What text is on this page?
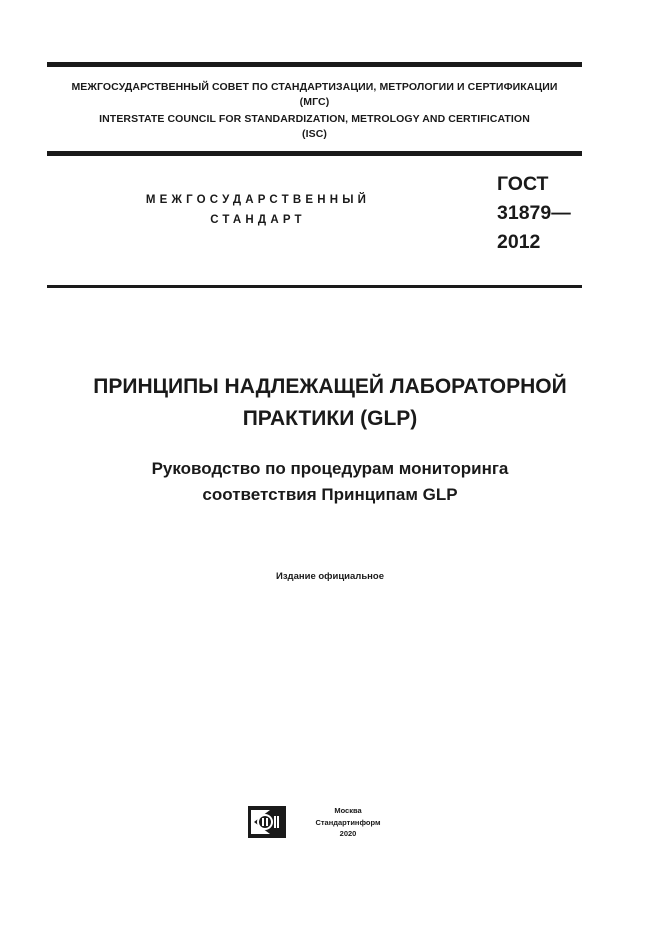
МЕЖГОСУДАРСТВЕННЫЙ СОВЕТ ПО СТАНДАРТИЗАЦИИ, МЕТРОЛОГИИ И СЕРТИФИКАЦИИ
(МГС)
INTERSTATE COUNCIL FOR STANDARDIZATION, METROLOGY AND CERTIFICATION
(ISC)
МЕЖГОСУДАРСТВЕННЫЙ
СТАНДАРТ
ГОСТ
31879—
2012
ПРИНЦИПЫ НАДЛЕЖАЩЕЙ ЛАБОРАТОРНОЙ
ПРАКТИКИ (GLP)
Руководство по процедурам мониторинга
соответствия Принципам GLP
Издание официальное
Москва
Стандартинформ
2020
